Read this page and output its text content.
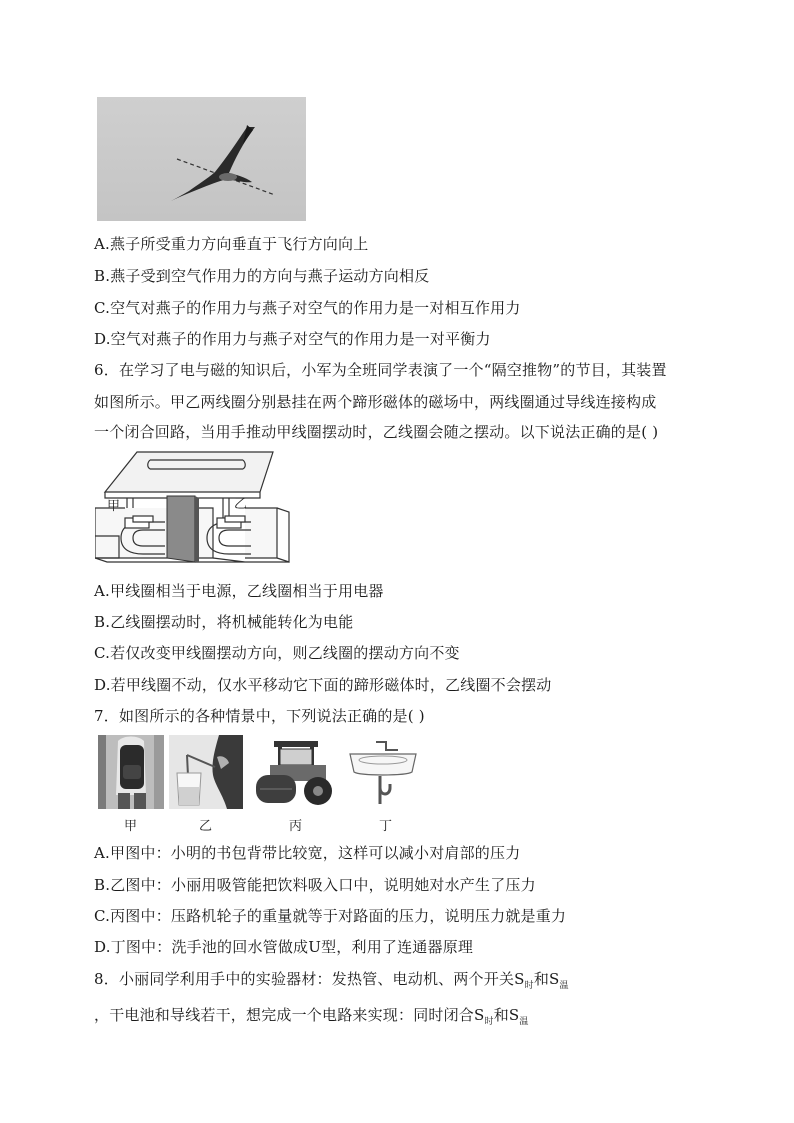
A.燕子所受重力方向垂直于飞行方向向上
B.燕子受到空气作用力的方向与燕子运动方向相反
C.空气对燕子的作用力与燕子对空气的作用力是一对相互作用力
D.空气对燕子的作用力与燕子对空气的作用力是一对平衡力
6．在学习了电与磁的知识后，小军为全班同学表演了一个“隔空推物”的节目，其装置
如图所示。甲乙两线圈分别悬挂在两个蹄形磁体的磁场中，两线圈通过导线连接构成
一个闭合回路，当用手推动甲线圈摆动时，乙线圈会随之摆动。以下说法正确的是( )
甲	乙
A.甲线圈相当于电源，乙线圈相当于用电器
B.乙线圈摆动时，将机械能转化为电能
C.若仅改变甲线圈摆动方向，则乙线圈的摆动方向不变
D.若甲线圈不动，仅水平移动它下面的蹄形磁体时，乙线圈不会摆动
7．如图所示的各种情景中，下列说法正确的是( )
甲	乙	丙	丁
A.甲图中：小明的书包背带比较宽，这样可以减小对肩部的压力
B.乙图中：小丽用吸管能把饮料吸入口中，说明她对水产生了压力
C.丙图中：压路机轮子的重量就等于对路面的压力，说明压力就是重力
D.丁图中：洗手池的回水管做成U型，利用了连通器原理
8．小丽同学利用手中的实验器材：发热管、电动机、两个开关$S_时$和$S_温$
，干电池和导线若干，想完成一个电路来实现：同时闭合$S_时$和$S_温$
